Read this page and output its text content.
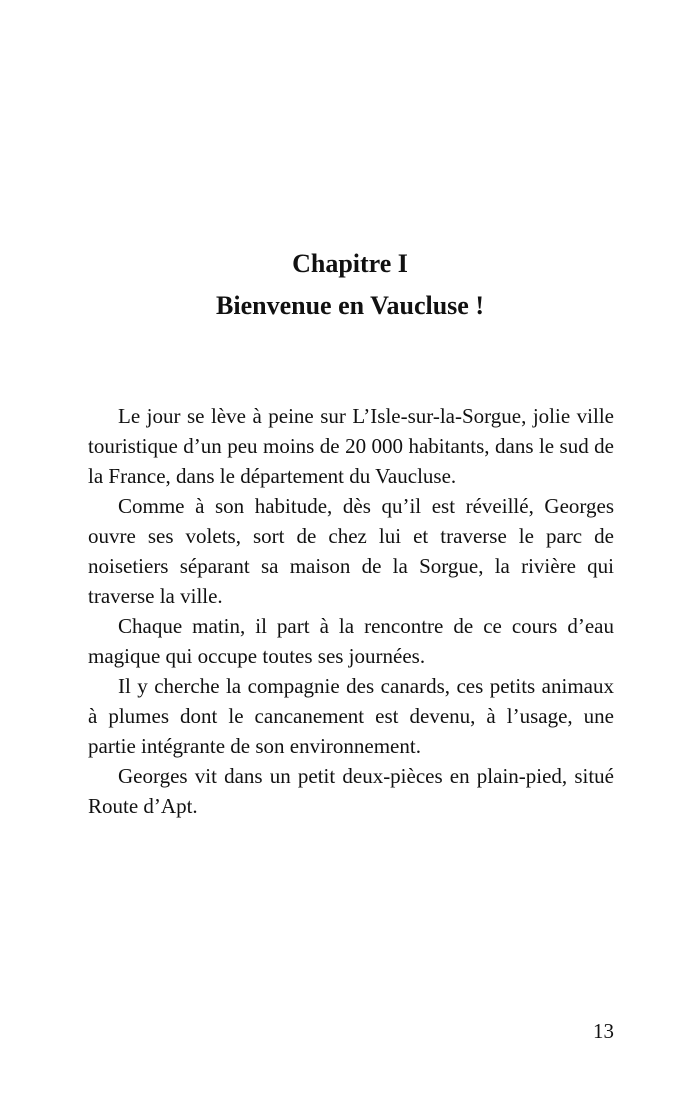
Chapitre I
Bienvenue en Vaucluse !

Le jour se lève à peine sur L’Isle-sur-la-Sorgue, jolie ville touristique d’un peu moins de 20 000 habitants, dans le sud de la France, dans le département du Vaucluse.

Comme à son habitude, dès qu’il est réveillé, Georges ouvre ses volets, sort de chez lui et traverse le parc de noisetiers séparant sa maison de la Sorgue, la rivière qui traverse la ville.

Chaque matin, il part à la rencontre de ce cours d’eau magique qui occupe toutes ses journées.

Il y cherche la compagnie des canards, ces petits animaux à plumes dont le cancanement est devenu, à l’usage, une partie intégrante de son environnement.

Georges vit dans un petit deux-pièces en plain-pied, situé Route d’Apt.

13
